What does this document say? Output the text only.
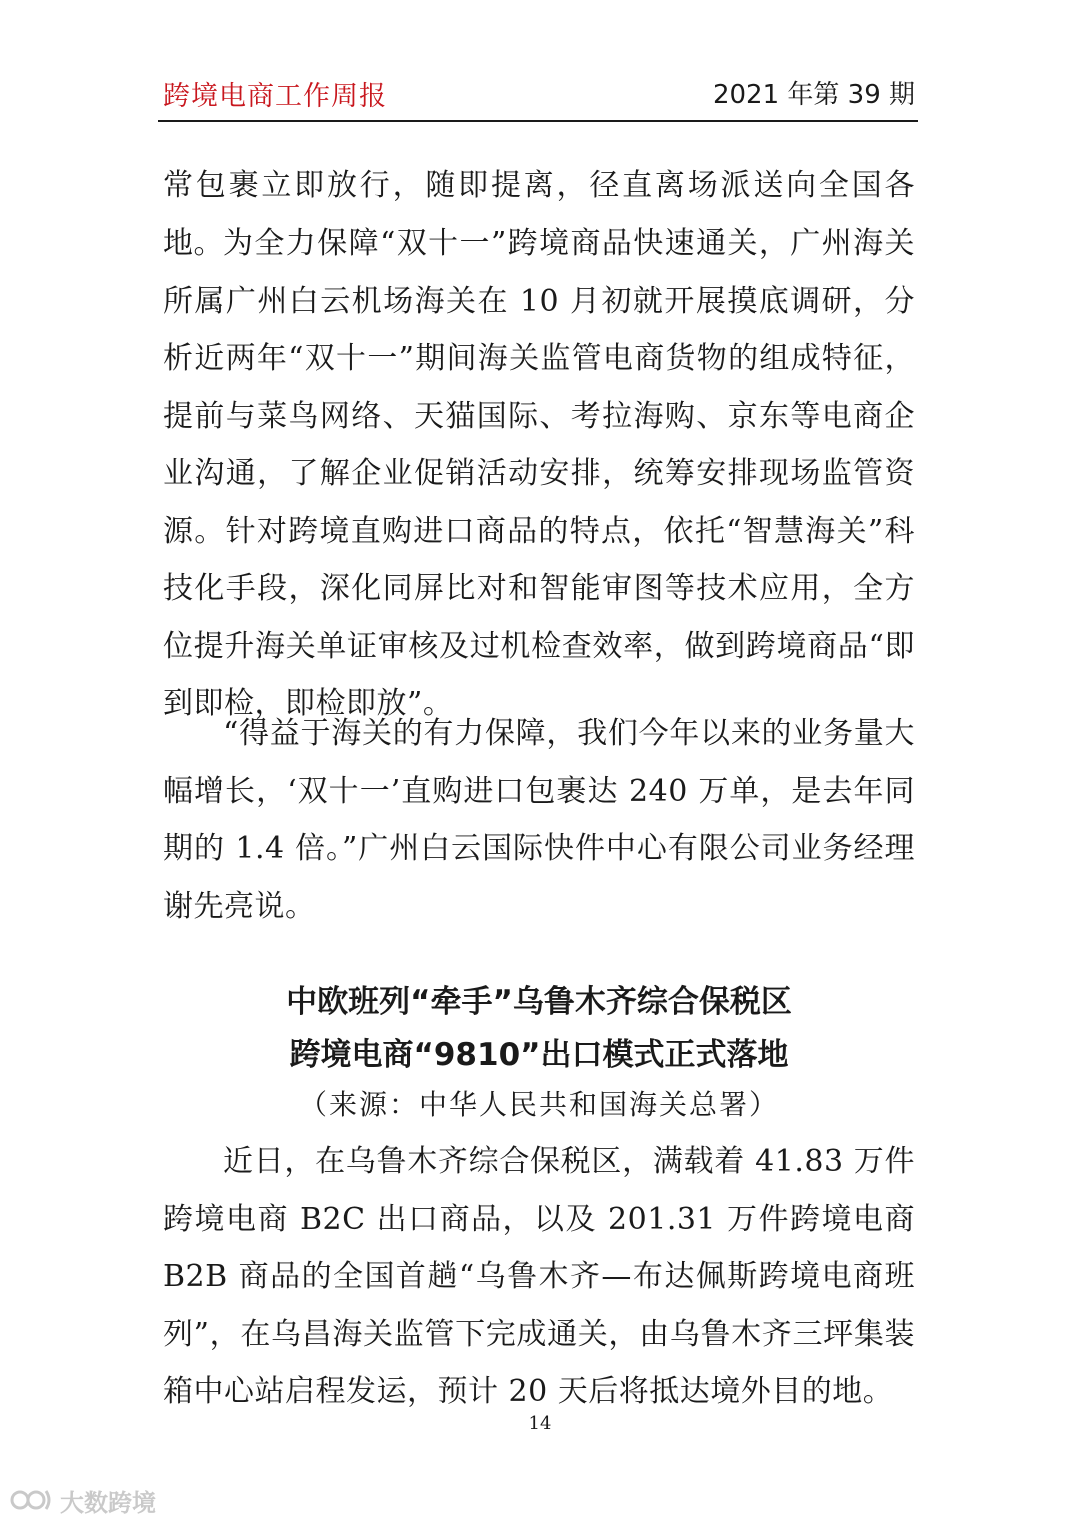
跨境电商工作周报	2021 年第 39 期

常包裹立即放行，随即提离，径直离场派送向全国各地。 为全力保障“双十一”跨境商品快速通关，广州海关所属广州白云机场海关在 10 月初就开展摸底调研，分析近两年“双十一”期间海关监管电商货物的组成特征，提前与菜鸟网络、天猫国际、考拉海购、京东等电商企业沟通，了解企业促销活动安排，统筹安排现场监管资源。针对跨境直购进口商品的特点，依托“智慧海关”科技化手段，深化同屏比对和智能审图等技术应用，全方位提升海关单证审核及过机检查效率，做到跨境商品“即到即检，即检即放”。

“得益于海关的有力保障，我们今年以来的业务量大幅增长，‘双十一’直购进口包裹达 240 万单，是去年同期的 1.4 倍。”广州白云国际快件中心有限公司业务经理谢先亮说。

中欧班列“牵手”乌鲁木齐综合保税区

跨境电商“9810”出口模式正式落地

（来源：中华人民共和国海关总署）

近日，在乌鲁木齐综合保税区，满载着 41.83 万件跨境电商 B2C 出口商品，以及 201.31 万件跨境电商 B2B 商品的全国首趟“乌鲁木齐—布达佩斯跨境电商班列”，在乌昌海关监管下完成通关，由乌鲁木齐三坪集装箱中心站启程发运，预计 20 天后将抵达境外目的地。

14
大数跨境
